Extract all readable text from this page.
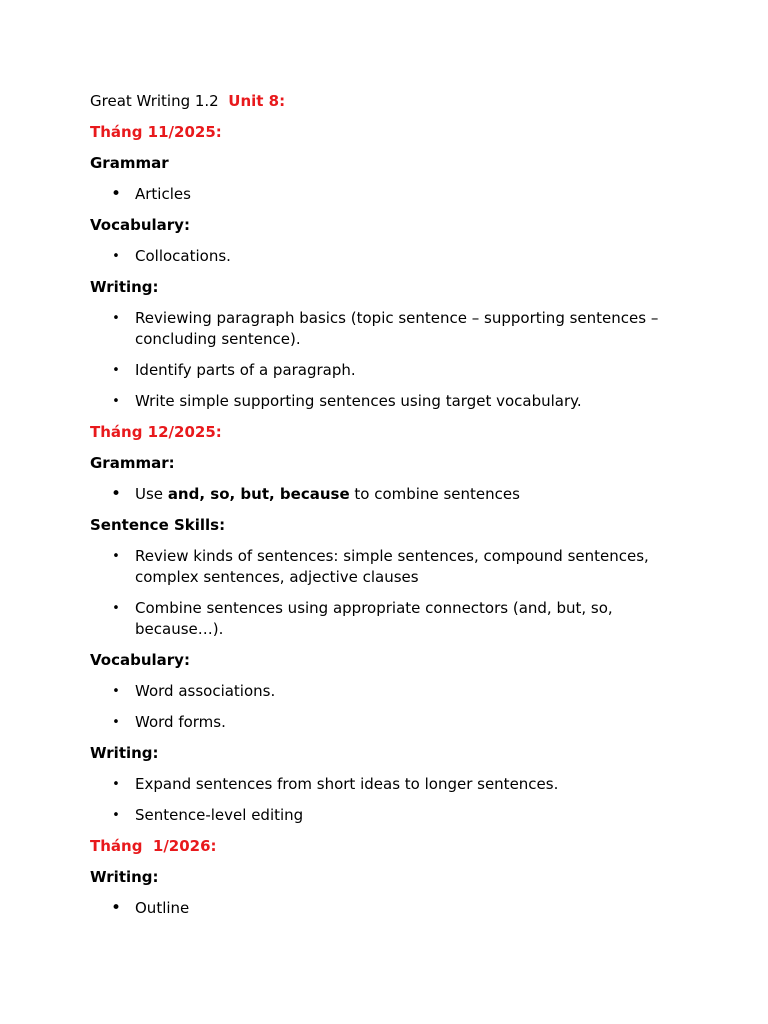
Great Writing 1.2 Unit 8:
Tháng 11/2025:
Grammar
• Articles
Vocabulary:
• Collocations.
Writing:
• Reviewing paragraph basics (topic sentence – supporting sentences – concluding sentence).
• Identify parts of a paragraph.
• Write simple supporting sentences using target vocabulary.
Tháng 12/2025:
Grammar:
• Use and, so, but, because to combine sentences
Sentence Skills:
• Review kinds of sentences: simple sentences, compound sentences, complex sentences, adjective clauses
• Combine sentences using appropriate connectors (and, but, so, because…).
Vocabulary:
• Word associations.
• Word forms.
Writing:
• Expand sentences from short ideas to longer sentences.
• Sentence-level editing
Tháng  1/2026:
Writing:
• Outline
